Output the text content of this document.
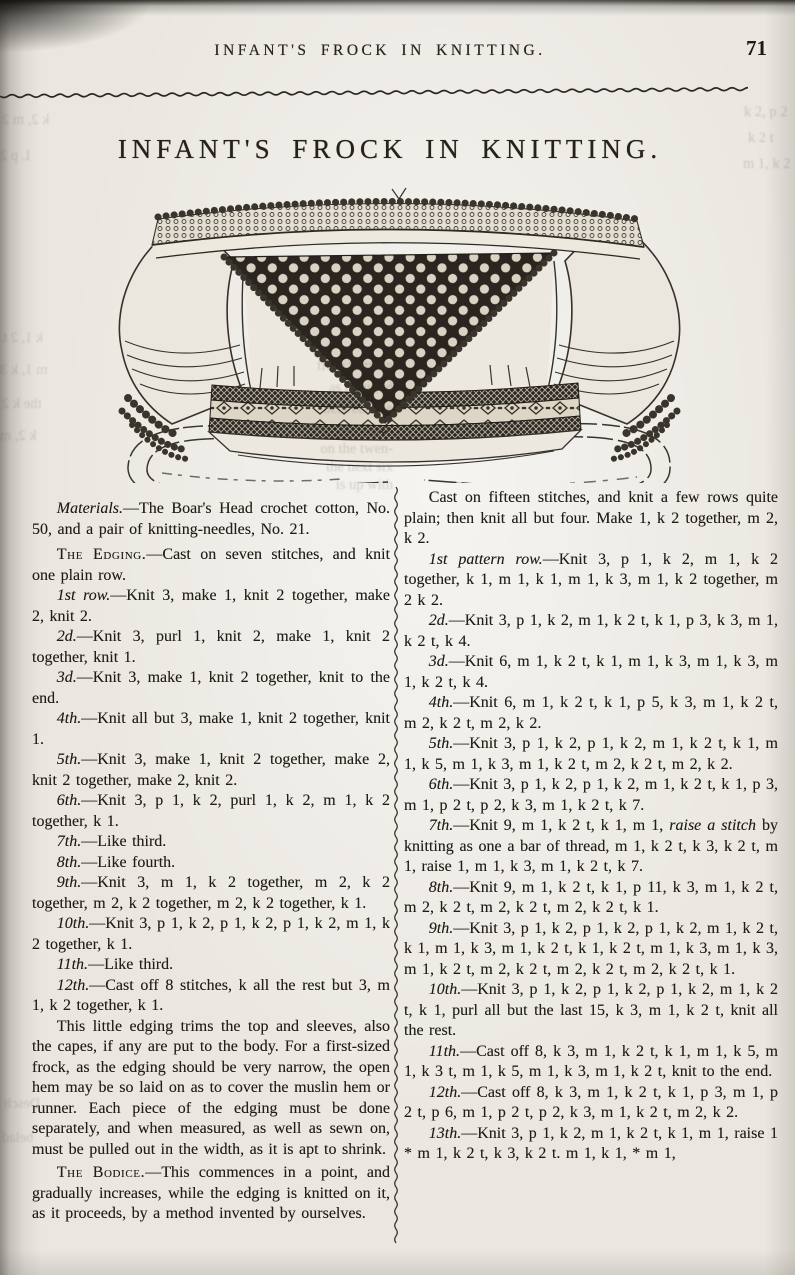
INFANT'S FROCK IN KNITTING.	71
INFANT'S FROCK IN KNITTING.

Materials.—The Boar's Head crochet cotton, No. 50, and a pair of knitting-needles, No. 21.

The Edging.—Cast on seven stitches, and knit one plain row.

1st row.—Knit 3, make 1, knit 2 together, make 2, knit 2.

2d.—Knit 3, purl 1, knit 2, make 1, knit 2 together, knit 1.

3d.—Knit 3, make 1, knit 2 together, knit to the end.

4th.—Knit all but 3, make 1, knit 2 together, knit 1.

5th.—Knit 3, make 1, knit 2 together, make 2, knit 2 together, make 2, knit 2.

6th.—Knit 3, p 1, k 2, purl 1, k 2, m 1, k 2 together, k 1.

7th.—Like third.

8th.—Like fourth.

9th.—Knit 3, m 1, k 2 together, m 2, k 2 together, m 2, k 2 together, m 2, k 2 together, k 1.

10th.—Knit 3, p 1, k 2, p 1, k 2, p 1, k 2, m 1, k 2 together, k 1.

11th.—Like third.

12th.—Cast off 8 stitches, k all the rest but 3, m 1, k 2 together, k 1.

This little edging trims the top and sleeves, also the capes, if any are put to the body. For a first-sized frock, as the edging should be very narrow, the open hem may be so laid on as to cover the muslin hem or runner. Each piece of the edging must be done separately, and when measured, as well as sewn on, must be pulled out in the width, as it is apt to shrink.

The Bodice.—This commences in a point, and gradually increases, while the edging is knitted on it, as it proceeds, by a method invented by ourselves.

Cast on fifteen stitches, and knit a few rows quite plain; then knit all but four. Make 1, k 2 together, m 2, k 2.

1st pattern row.—Knit 3, p 1, k 2, m 1, k 2 together, k 1, m 1, k 1, m 1, k 3, m 1, k 2 together, m 2 k 2.

2d.—Knit 3, p 1, k 2, m 1, k 2 t, k 1, p 3, k 3, m 1, k 2 t, k 4.

3d.—Knit 6, m 1, k 2 t, k 1, m 1, k 3, m 1, k 3, m 1, k 2 t, k 4.

4th.—Knit 6, m 1, k 2 t, k 1, p 5, k 3, m 1, k 2 t, m 2, k 2 t, m 2, k 2.

5th.—Knit 3, p 1, k 2, p 1, k 2, m 1, k 2 t, k 1, m 1, k 5, m 1, k 3, m 1, k 2 t, m 2, k 2 t, m 2, k 2.

6th.—Knit 3, p 1, k 2, p 1, k 2, m 1, k 2 t, k 1, p 3, m 1, p 2 t, p 2, k 3, m 1, k 2 t, k 7.

7th.—Knit 9, m 1, k 2 t, k 1, m 1, raise a stitch by knitting as one a bar of thread, m 1, k 2 t, k 3, k 2 t, m 1, raise 1, m 1, k 3, m 1, k 2 t, k 7.

8th.—Knit 9, m 1, k 2 t, k 1, p 11, k 3, m 1, k 2 t, m 2, k 2 t, m 2, k 2 t, m 2, k 2 t, k 1.

9th.—Knit 3, p 1, k 2, p 1, k 2, p 1, k 2, m 1, k 2 t, k 1, m 1, k 3, m 1, k 2 t, k 1, k 2 t, m 1, k 3, m 1, k 3, m 1, k 2 t, m 2, k 2 t, m 2, k 2 t, m 2, k 2 t, k 1.

10th.—Knit 3, p 1, k 2, p 1, k 2, p 1, k 2, m 1, k 2 t, k 1, purl all but the last 15, k 3, m 1, k 2 t, knit all the rest.

11th.—Cast off 8, k 3, m 1, k 2 t, k 1, m 1, k 5, m 1, k 3 t, m 1, k 5, m 1, k 3, m 1, k 2 t, knit to the end.

12th.—Cast off 8, k 3, m 1, k 2 t, k 1, p 3, m 1, p 2 t, p 6, m 1, p 2 t, p 2, k 3, m 1, k 2 t, m 2, k 2.

13th.—Knit 3, p 1, k 2, m 1, k 2 t, k 1, m 1, raise 1 * m 1, k 2 t, k 3, k 2 t. m 1, k 1, * m 1,

from thirteen
as required
between the
Then, the repe-
on the twen-
the next six
is up with
k 2, p 2
k 2 t
m 1, k 2
k 2, m 2
L p 2
k 1, 2 t
m 1, k 3
the k 2
k 2, m
Desch
belad
